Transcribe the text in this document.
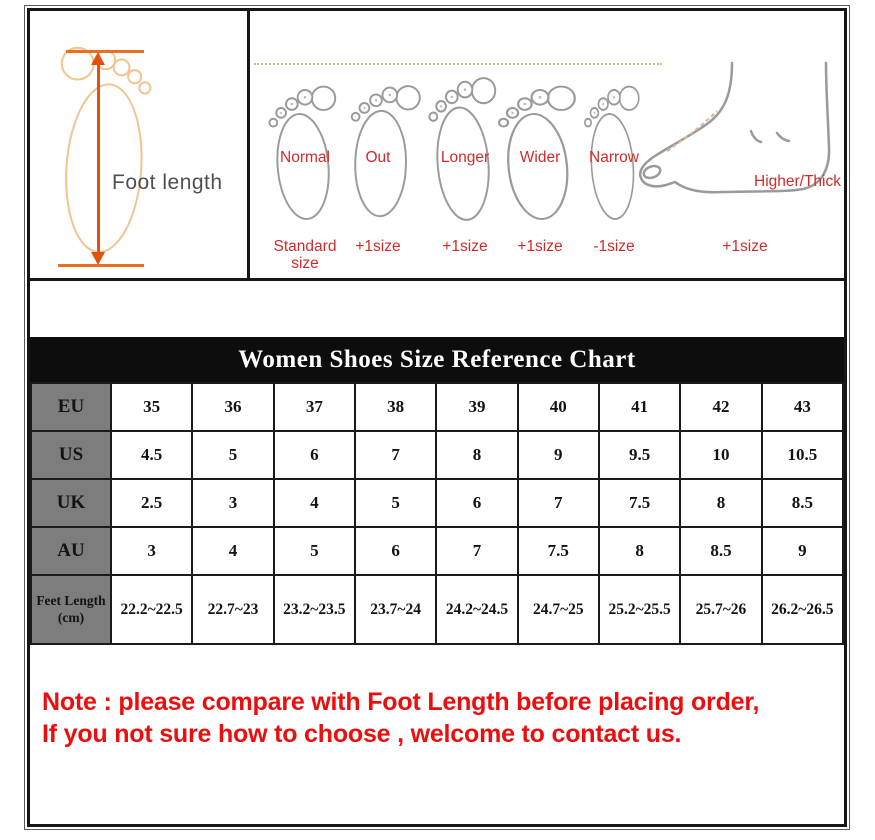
Foot length
Normal
Standard size
Out
+1size
Longer
+1size
Wider
+1size
Narrow
-1size
Higher/Thick
+1size
Women Shoes Size Reference Chart
EU	35	36	37	38	39	40	41	42	43
US	4.5	5	6	7	8	9	9.5	10	10.5
UK	2.5	3	4	5	6	7	7.5	8	8.5
AU	3	4	5	6	7	7.5	8	8.5	9
Feet Length
(cm)	22.2~22.5	22.7~23	23.2~23.5	23.7~24	24.2~24.5	24.7~25	25.2~25.5	25.7~26	26.2~26.5
Note : please compare with Foot Length before placing order,
If you not sure how to choose , welcome to contact us.
